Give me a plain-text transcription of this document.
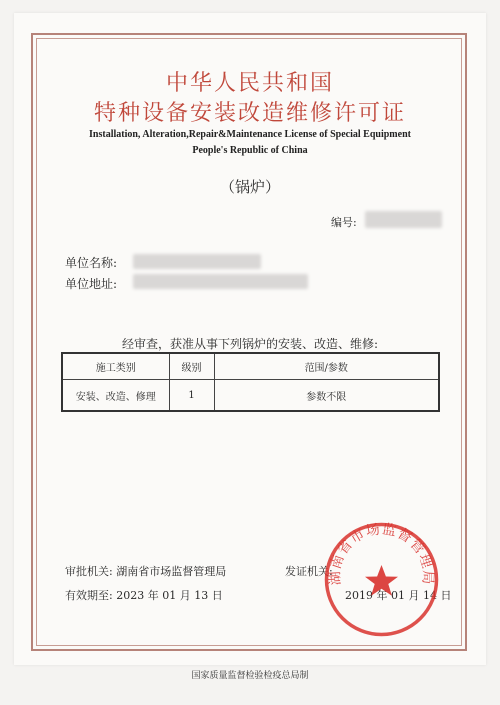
中华人民共和国
特种设备安装改造维修许可证
Installation, Alteration,Repair&Maintenance License of Special Equipment
People's Republic of China
（锅炉）
编号:
单位名称:
单位地址:
经审查，获准从事下列锅炉的安装、改造、维修:
施工类别	级别	范围/参数
安装、改造、修理	1	参数不限
审批机关: 湖南省市场监督管理局
有效期至: 2023 年 01 月 13 日
发证机关:
2019 年 01 月 14 日
湖南省市场监督管理局
国家质量监督检验检疫总局制
